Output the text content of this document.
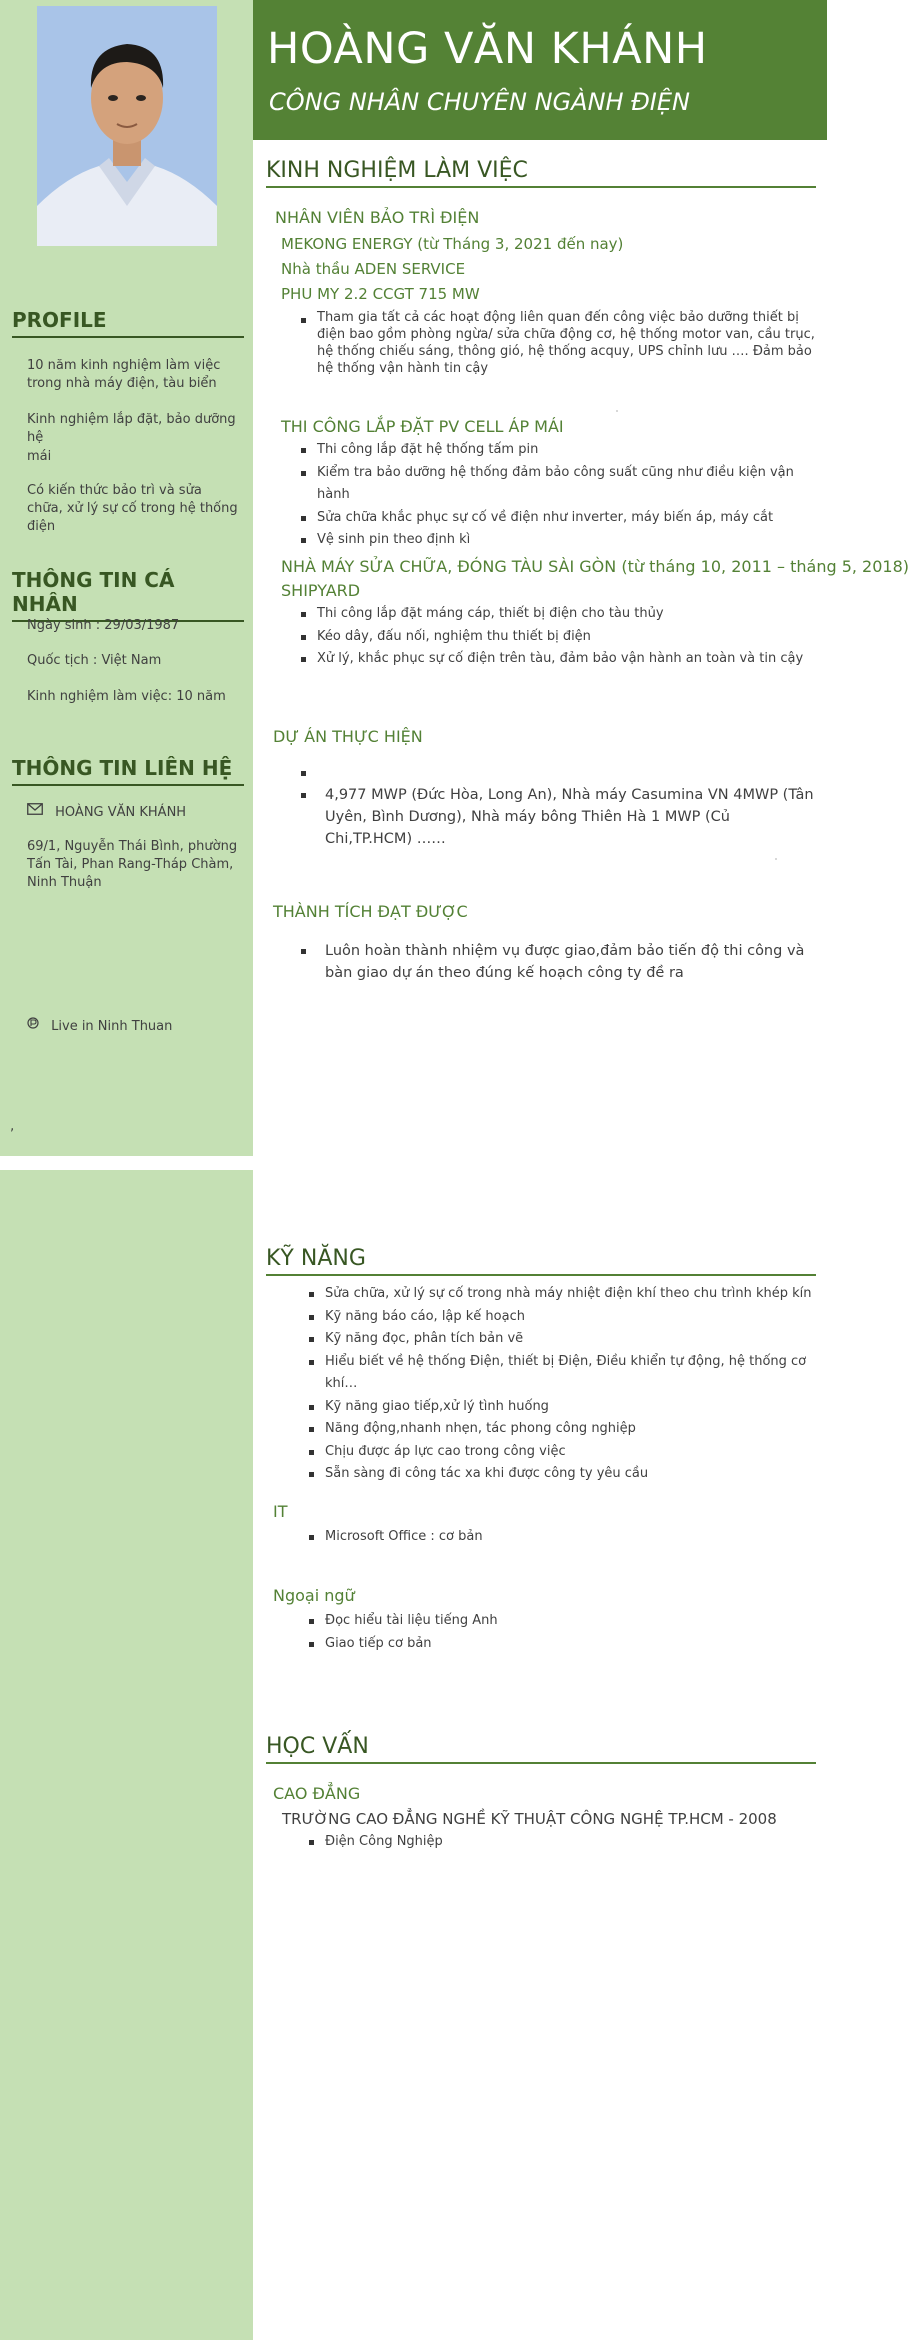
PROFILE

10 năm kinh nghiệm làm việc trong nhà máy điện, tàu biển

Kinh nghiệm lắp đặt, bảo dưỡng hệ

mái

Có kiến thức bảo trì và sửa chữa, xử lý sự cố trong hệ thống điện

THÔNG TIN CÁ NHÂN

Ngày sinh : 29/03/1987

Quốc tịch : Việt Nam

Kinh nghiệm làm việc: 10 năm

THÔNG TIN LIÊN HỆ

HOÀNG VĂN KHÁNH

69/1, Nguyễn Thái Bình, phường Tấn Tài, Phan Rang-Tháp Chàm, Ninh Thuận

Live in Ninh Thuan

‚

HOÀNG VĂN KHÁNH

CÔNG NHÂN CHUYÊN NGÀNH ĐIỆN

KINH NGHIỆM LÀM VIỆC

NHÂN VIÊN BẢO TRÌ ĐIỆN

MEKONG ENERGY (từ Tháng 3, 2021 đến nay)

Nhà thầu ADEN SERVICE

PHU MY 2.2 CCGT 715 MW

Tham gia tất cả các hoạt động liên quan đến công việc bảo dưỡng thiết bị điện bao gồm phòng ngừa/ sửa chữa động cơ, hệ thống motor van, cầu trục, hệ thống chiếu sáng, thông gió, hệ thống acquy, UPS chỉnh lưu …. Đảm bảo hệ thống vận hành tin cậy

THI CÔNG LẮP ĐẶT PV CELL ÁP MÁI

Thi công lắp đặt hệ thống tấm pin
Kiểm tra bảo dưỡng hệ thống đảm bảo công suất cũng như điều kiện vận hành
Sửa chữa khắc phục sự cố về điện như inverter, máy biến áp, máy cắt
Vệ sinh pin theo định kì

NHÀ MÁY SỬA CHỮA, ĐÓNG TÀU SÀI GÒN (từ tháng 10, 2011 – tháng 5, 2018)

SHIPYARD

Thi công lắp đặt máng cáp, thiết bị điện cho tàu thủy
Kéo dây, đấu nối, nghiệm thu thiết bị điện
Xử lý, khắc phục sự cố điện trên tàu, đảm bảo vận hành an toàn và tin cậy

DỰ ÁN THỰC HIỆN

4,977 MWP (Đức Hòa, Long An), Nhà máy Casumina VN 4MWP (Tân Uyên, Bình Dương), Nhà máy bông Thiên Hà 1 MWP (Củ Chi,TP.HCM) ……

THÀNH TÍCH ĐẠT ĐƯỢC

Luôn hoàn thành nhiệm vụ được giao,đảm bảo tiến độ thi công và bàn giao dự án theo đúng kế hoạch công ty đề ra
KỸ NĂNG
Sửa chữa, xử lý sự cố trong nhà máy nhiệt điện khí theo chu trình khép kín
Kỹ năng báo cáo, lập kế hoạch
Kỹ năng đọc, phân tích bản vẽ
Hiểu biết về hệ thống Điện, thiết bị Điện, Điều khiển tự động, hệ thống cơ khí…
Kỹ năng giao tiếp,xử lý tình huống
Năng động,nhanh nhẹn, tác phong công nghiệp
Chịu được áp lực cao trong công việc
Sẵn sàng đi công tác xa khi được công ty yêu cầu

IT

Microsoft Office : cơ bản

Ngoại ngữ

Đọc hiểu tài liệu tiếng Anh
Giao tiếp cơ bản
HỌC VẤN

CAO ĐẲNG

TRƯỜNG CAO ĐẲNG NGHỀ KỸ THUẬT CÔNG NGHỆ TP.HCM - 2008

Điện Công Nghiệp
